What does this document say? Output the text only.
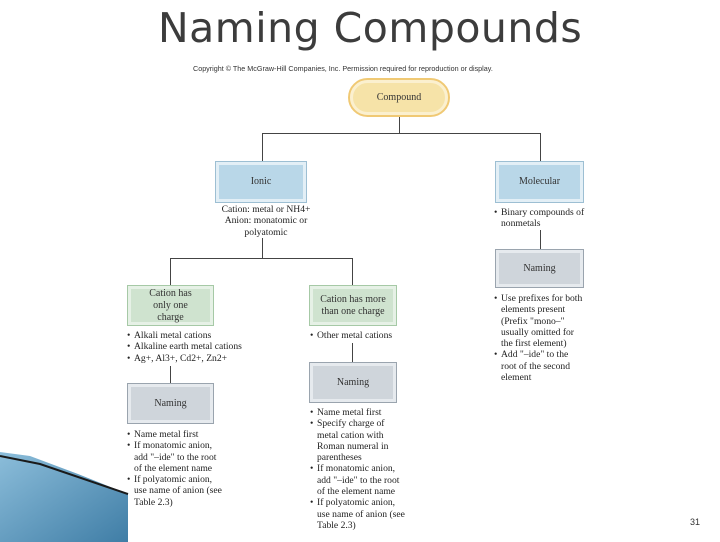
Naming Compounds
Copyright © The McGraw-Hill Companies, Inc. Permission required for reproduction or display.
Compound
Ionic	Molecular
Cation has only one charge
Cation has more than one charge
Naming
Naming
Naming
Cation: metal or NH4+
Anion: monatomic or
polyatomic
• Binary compounds of nonmetals
• Use prefixes for both elements present (Prefix "mono–" usually omitted for the first element)
• Add "–ide" to the root of the second element
• Alkali metal cations
• Alkaline earth metal cations
• Ag+, Al3+, Cd2+, Zn2+
• Other metal cations
• Name metal first
• If monatomic anion, add "–ide" to the root of the element name
• If polyatomic anion, use name of anion (see Table 2.3)
• Name metal first
• Specify charge of metal cation with Roman numeral in parentheses
• If monatomic anion, add "–ide" to the root of the element name
• If polyatomic anion, use name of anion (see Table 2.3)	31
